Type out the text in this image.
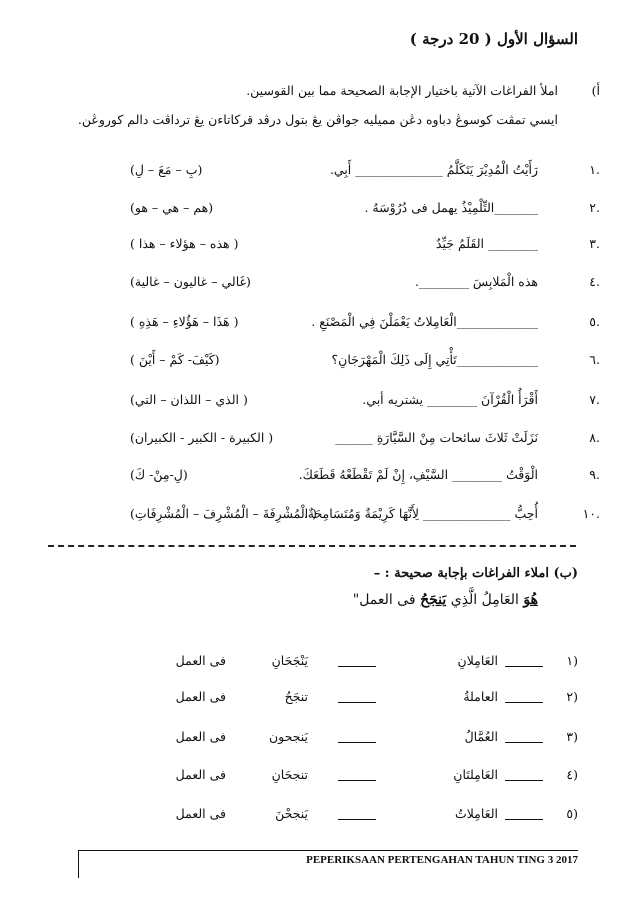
السؤال الأول ( 20 درجة )
أ)
املأ الفراغات الآتية باختيار الإجابة الصحيحة مما بين القوسين.
ايسي تمڤت كوسوڠ دباوه دڠن مميليه جواڤن يڠ بتول درڤد قركاتاءن يڠ ترداڤت دالم كوروڠن.
١.
رَأَيْتُ الْمُدِيْرَ يَتَكَلَّمُ ______________ أَبِي.
(بِ – مَعَ – لِ)
٢.
_______التِّلْمِيْذُ يهمل فى دُرُوْسَهُ .
(هم – هي – هو)
٣.
________ القَلَمُ جَيِّدٌ
( هذه – هؤلاء – هذا )
٤.
هذه الْمَلابِسَ ________.
(غَالي – غاليون – غالية)
٥.
_____________الْعَامِلاتُ يَعْمَلْنَ فِي الْمَصْنَعِ .
( هَذَا – هَؤُلاءِ – هَذِهِ )
٦.
_____________تَأْتِي إِلَى ذَلِكَ الْمَهْرَجَانِ؟
(كَيْفَ- كَمْ – أَيْنَ )
٧.
أَقْرَأُ الْقُرْآنَ ________ يشتريه أبي.
( الذي – اللذان – التي)
٨.
نَزَلَتْ ثَلاثَ سائحات مِنْ السَّيَّارَةِ ______
( الكبيرة - الكبير - الكبيران)
٩.
الْوَقْتُ ________ السَّيْفِ، إِنْ لَمْ تَقْطَعْهُ قَطَعَكَ.
(لِ-مِنْ- كَ)
١٠.
أُحِبُّ ______________ لِأَنَّهَا كَرِيْمَةٌ وَمُتَسَامِحَةٌ.
( الْمُشْرِفَةَ – الْمُشْرِفَ – الْمُشْرِفَاتِ)
(ب) املاء الفراغات بإجابة صحيحة : –
هُوَ العَامِلُ الَّذِي يَنجَحُ فى العمل"
١)
العَامِلانِ
يَنْجَحَانِ
فى العمل
٢)
العاملةُ
تنجَحُ
فى العمل
٣)
العُمَّالُ
يَنجحون
فى العمل
٤)
العَامِلتَانِ
تنجحَانِ
فى العمل
٥)
العَامِلاتُ
يَنجحْنَ
فى العمل
PEPERIKSAAN PERTENGAHAN TAHUN TING 3 2017
